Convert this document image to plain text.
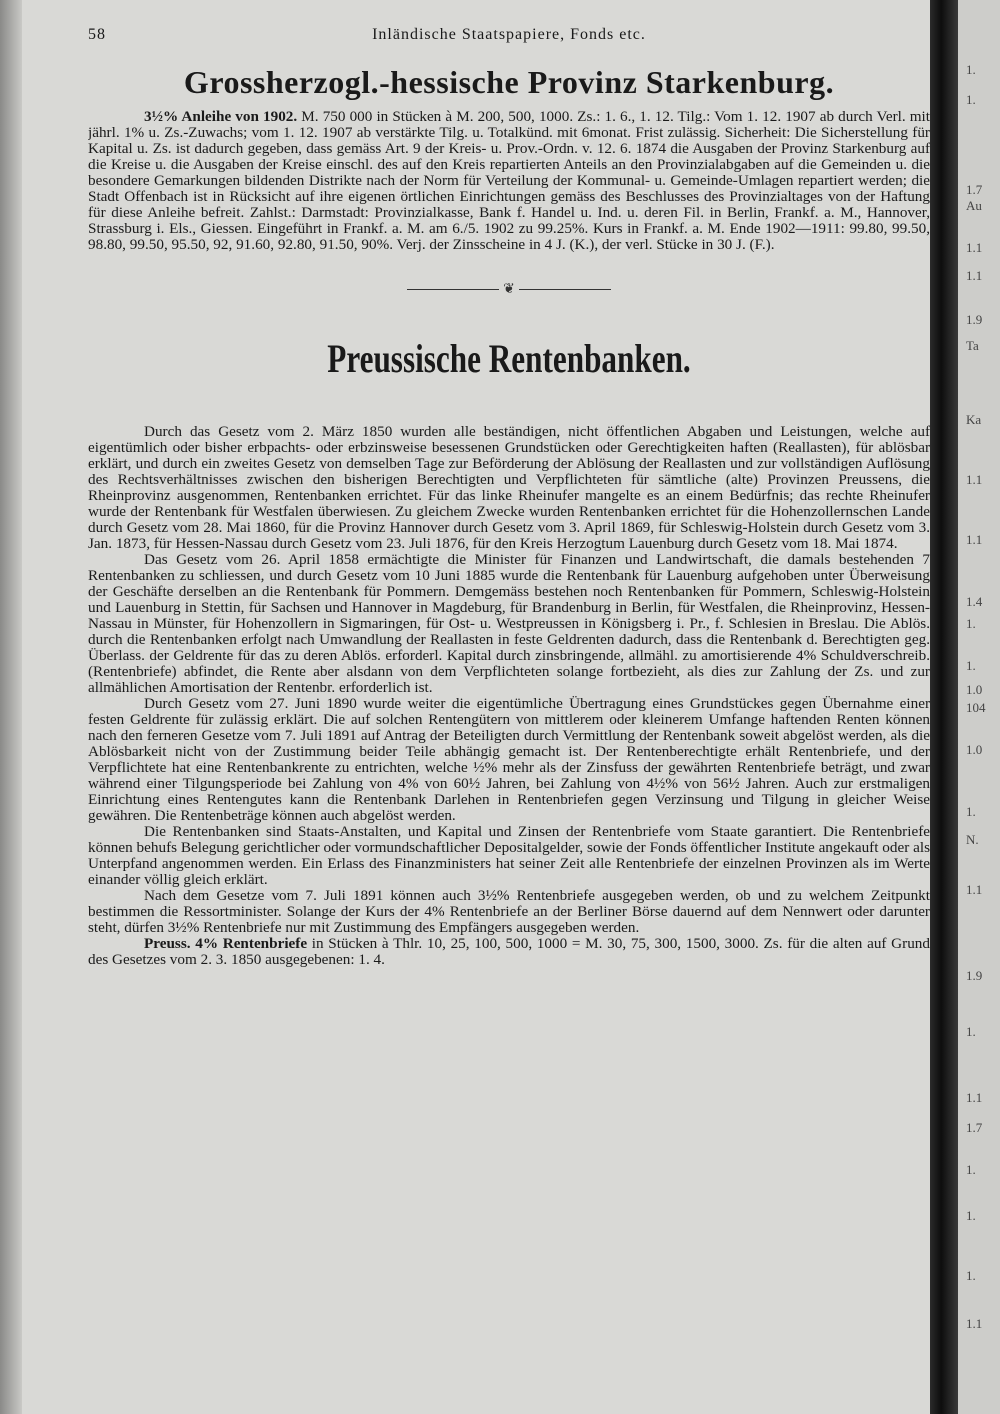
58	Inländische Staatspapiere, Fonds etc.
Grossherzogl.-hessische Provinz Starkenburg.

3½% Anleihe von 1902. M. 750 000 in Stücken à M. 200, 500, 1000. Zs.: 1. 6., 1. 12. Tilg.: Vom 1. 12. 1907 ab durch Verl. mit jährl. 1% u. Zs.-Zuwachs; vom 1. 12. 1907 ab verstärkte Tilg. u. Totalkünd. mit 6monat. Frist zulässig. Sicherheit: Die Sicherstellung für Kapital u. Zs. ist dadurch gegeben, dass gemäss Art. 9 der Kreis- u. Prov.-Ordn. v. 12. 6. 1874 die Ausgaben der Provinz Starkenburg auf die Kreise u. die Ausgaben der Kreise einschl. des auf den Kreis repartierten Anteils an den Provinzialabgaben auf die Gemeinden u. die besondere Gemarkungen bildenden Distrikte nach der Norm für Verteilung der Kommunal- u. Gemeinde-Umlagen repartiert werden; die Stadt Offenbach ist in Rücksicht auf ihre eigenen örtlichen Einrichtungen gemäss des Beschlusses des Provinzialtages von der Haftung für diese Anleihe befreit. Zahlst.: Darmstadt: Provinzialkasse, Bank f. Handel u. Ind. u. deren Fil. in Berlin, Frankf. a. M., Hannover, Strassburg i. Els., Giessen. Eingeführt in Frankf. a. M. am 6./5. 1902 zu 99.25%. Kurs in Frankf. a. M. Ende 1902—1911: 99.80, 99.50, 98.80, 99.50, 95.50, 92, 91.60, 92.80, 91.50, 90%. Verj. der Zinsscheine in 4 J. (K.), der verl. Stücke in 30 J. (F.).

❦
Preussische Rentenbanken.

Durch das Gesetz vom 2. März 1850 wurden alle beständigen, nicht öffentlichen Abgaben und Leistungen, welche auf eigentümlich oder bisher erbpachts- oder erbzinsweise besessenen Grundstücken oder Gerechtigkeiten haften (Reallasten), für ablösbar erklärt, und durch ein zweites Gesetz von demselben Tage zur Beförderung der Ablösung der Reallasten und zur vollständigen Auflösung des Rechtsverhältnisses zwischen den bisherigen Berechtigten und Verpflichteten für sämtliche (alte) Provinzen Preussens, die Rheinprovinz ausgenommen, Rentenbanken errichtet. Für das linke Rheinufer mangelte es an einem Bedürfnis; das rechte Rheinufer wurde der Rentenbank für Westfalen überwiesen. Zu gleichem Zwecke wurden Rentenbanken errichtet für die Hohenzollernschen Lande durch Gesetz vom 28. Mai 1860, für die Provinz Hannover durch Gesetz vom 3. April 1869, für Schleswig-Holstein durch Gesetz vom 3. Jan. 1873, für Hessen-Nassau durch Gesetz vom 23. Juli 1876, für den Kreis Herzogtum Lauenburg durch Gesetz vom 18. Mai 1874.

Das Gesetz vom 26. April 1858 ermächtigte die Minister für Finanzen und Landwirtschaft, die damals bestehenden 7 Rentenbanken zu schliessen, und durch Gesetz vom 10 Juni 1885 wurde die Rentenbank für Lauenburg aufgehoben unter Überweisung der Geschäfte derselben an die Rentenbank für Pommern. Demgemäss bestehen noch Rentenbanken für Pommern, Schleswig-Holstein und Lauenburg in Stettin, für Sachsen und Hannover in Magdeburg, für Brandenburg in Berlin, für Westfalen, die Rheinprovinz, Hessen-Nassau in Münster, für Hohenzollern in Sigmaringen, für Ost- u. Westpreussen in Königsberg i. Pr., f. Schlesien in Breslau. Die Ablös. durch die Rentenbanken erfolgt nach Umwandlung der Reallasten in feste Geldrenten dadurch, dass die Rentenbank d. Berechtigten geg. Überlass. der Geldrente für das zu deren Ablös. erforderl. Kapital durch zinsbringende, allmähl. zu amortisierende 4% Schuldverschreib. (Rentenbriefe) abfindet, die Rente aber alsdann von dem Verpflichteten solange fortbezieht, als dies zur Zahlung der Zs. und zur allmählichen Amortisation der Rentenbr. erforderlich ist.

Durch Gesetz vom 27. Juni 1890 wurde weiter die eigentümliche Übertragung eines Grundstückes gegen Übernahme einer festen Geldrente für zulässig erklärt. Die auf solchen Rentengütern von mittlerem oder kleinerem Umfange haftenden Renten können nach den ferneren Gesetze vom 7. Juli 1891 auf Antrag der Beteiligten durch Vermittlung der Rentenbank soweit abgelöst werden, als die Ablösbarkeit nicht von der Zustimmung beider Teile abhängig gemacht ist. Der Rentenberechtigte erhält Rentenbriefe, und der Verpflichtete hat eine Rentenbankrente zu entrichten, welche ½% mehr als der Zinsfuss der gewährten Rentenbriefe beträgt, und zwar während einer Tilgungsperiode bei Zahlung von 4% von 60½ Jahren, bei Zahlung von 4½% von 56½ Jahren. Auch zur erstmaligen Einrichtung eines Rentengutes kann die Rentenbank Darlehen in Rentenbriefen gegen Verzinsung und Tilgung in gleicher Weise gewähren. Die Rentenbeträge können auch abgelöst werden.

Die Rentenbanken sind Staats-Anstalten, und Kapital und Zinsen der Rentenbriefe vom Staate garantiert. Die Rentenbriefe können behufs Belegung gerichtlicher oder vormundschaftlicher Depositalgelder, sowie der Fonds öffentlicher Institute angekauft oder als Unterpfand angenommen werden. Ein Erlass des Finanzministers hat seiner Zeit alle Rentenbriefe der einzelnen Provinzen als im Werte einander völlig gleich erklärt.

Nach dem Gesetze vom 7. Juli 1891 können auch 3½% Rentenbriefe ausgegeben werden, ob und zu welchem Zeitpunkt bestimmen die Ressortminister. Solange der Kurs der 4% Rentenbriefe an der Berliner Börse dauernd auf dem Nennwert oder darunter steht, dürfen 3½% Rentenbriefe nur mit Zustimmung des Empfängers ausgegeben werden.

Preuss. 4% Rentenbriefe in Stücken à Thlr. 10, 25, 100, 500, 1000 = M. 30, 75, 300, 1500, 3000. Zs. für die alten auf Grund des Gesetzes vom 2. 3. 1850 ausgegebenen: 1. 4.

1.
1.
1.7
Au
1.1
1.1
1.9
Ta
Ka
1.1
1.1
1.4
1.
1.
1.0
104
1.0
1.
N.
1.1
1.9
1.
1.1
1.7
1.
1.
1.
1.1
